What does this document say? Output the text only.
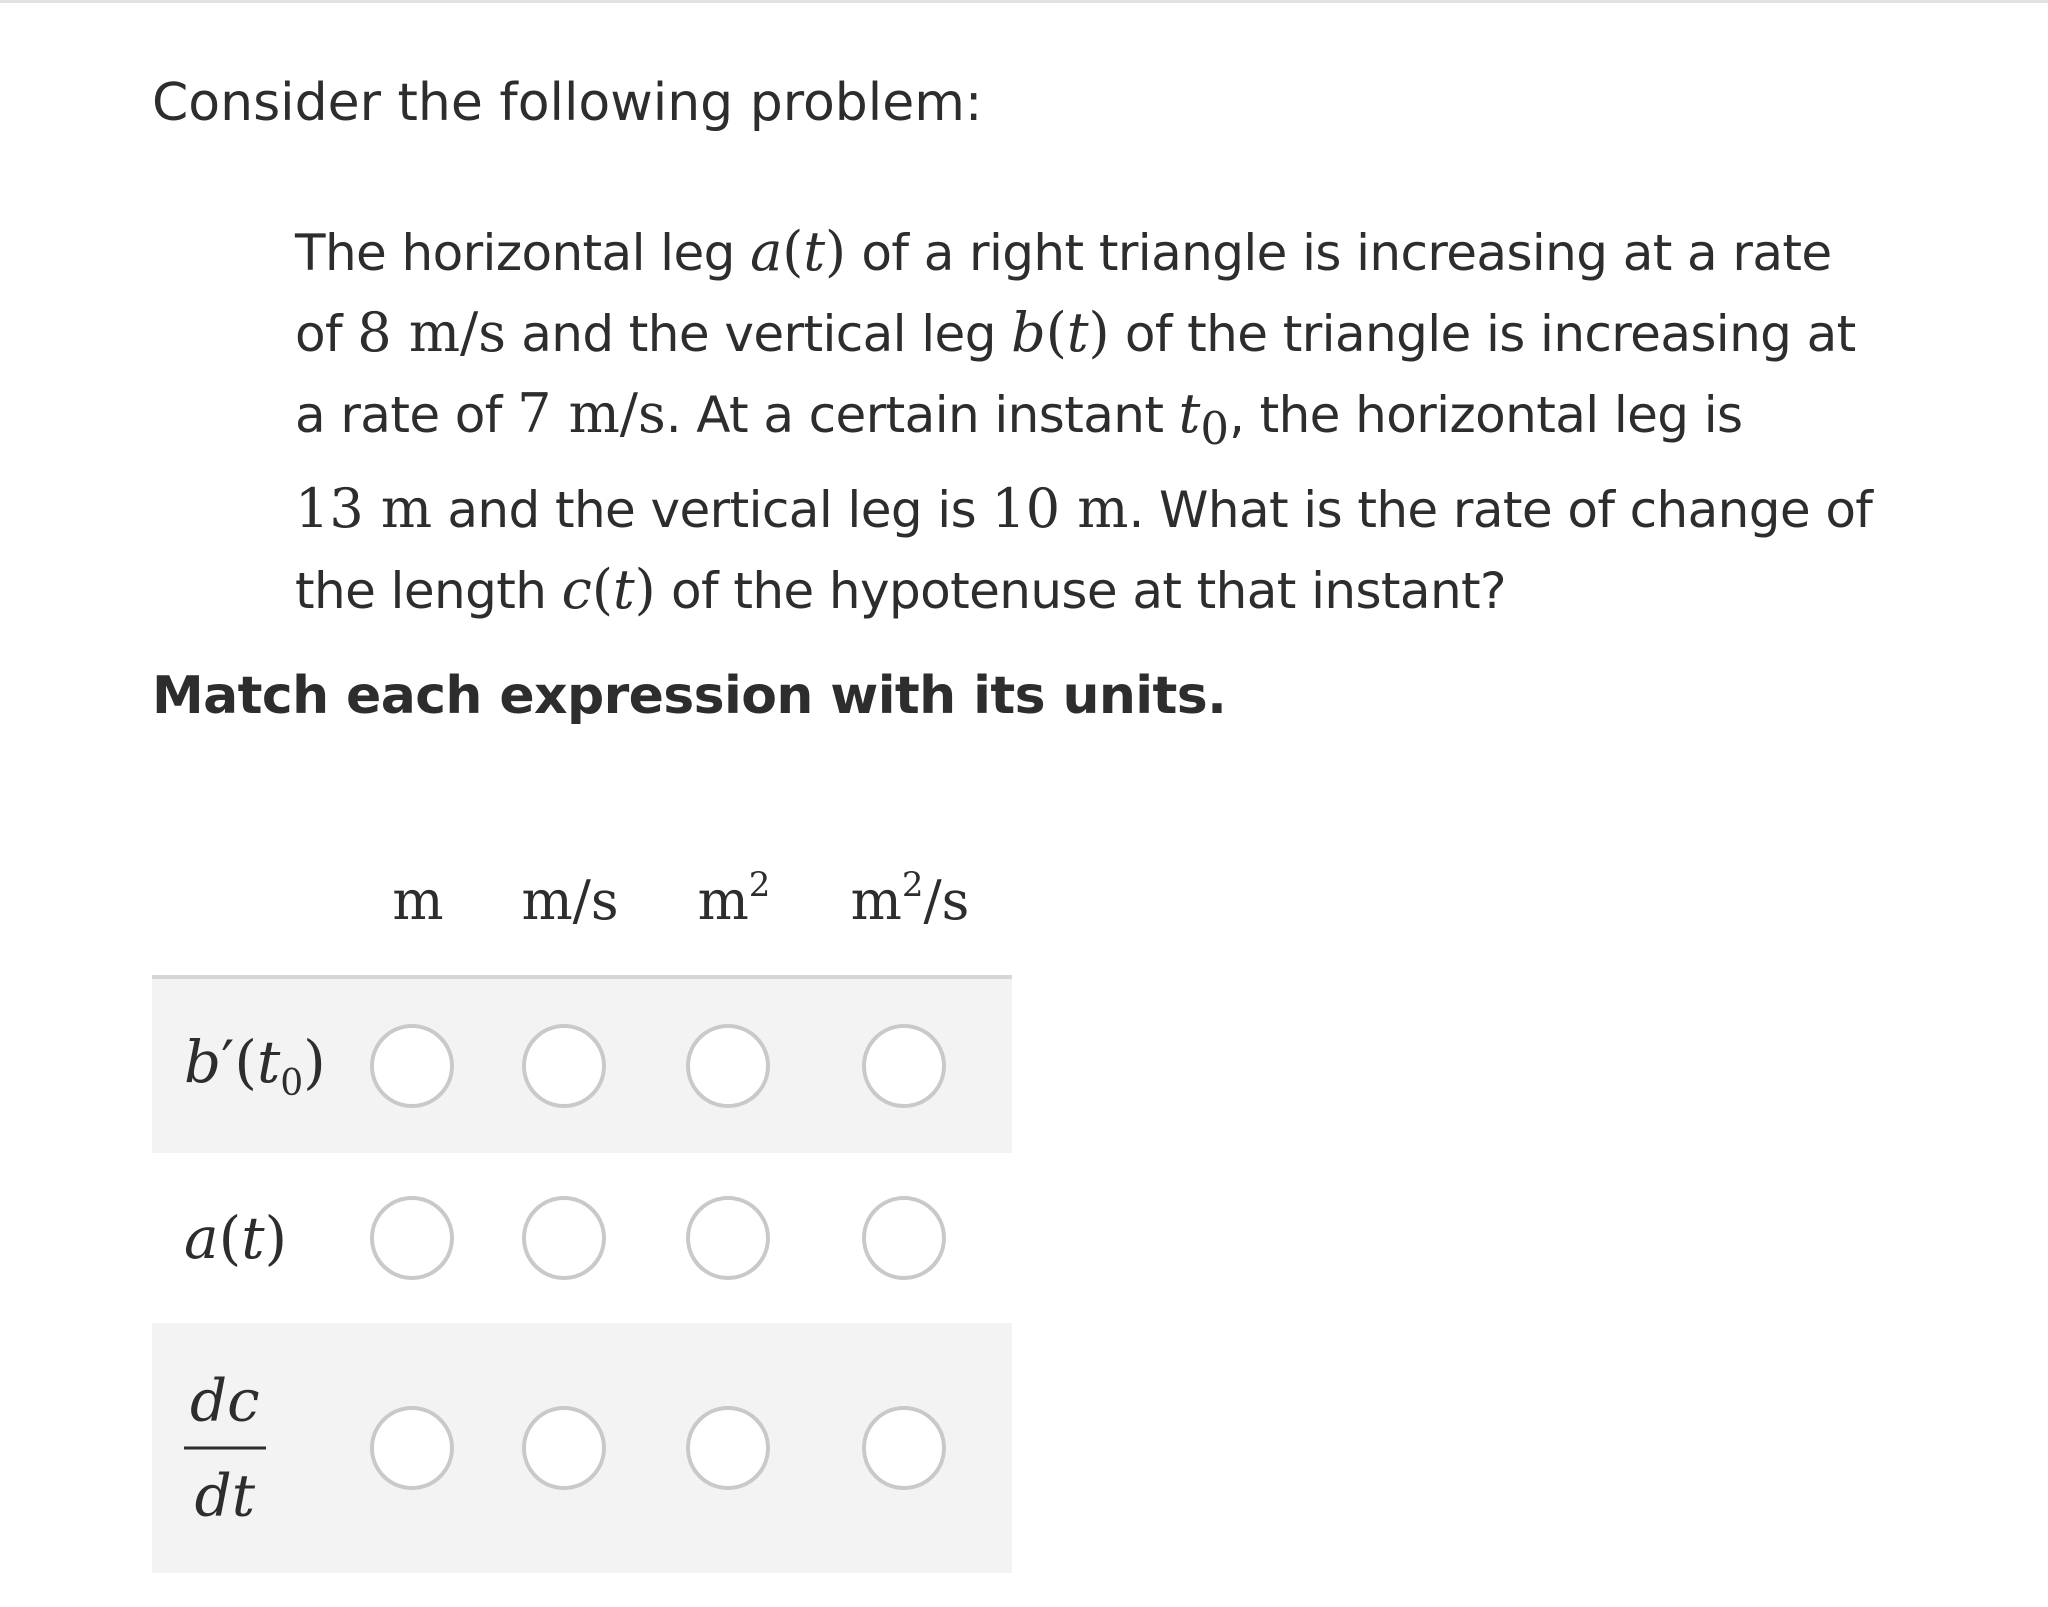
Consider the following problem:

The horizontal leg a(t) of a right triangle is increasing at a rate
of 8 m/s and the vertical leg b(t) of the triangle is increasing at
a rate of 7 m/s. At a certain instant $t_0$, the horizontal leg is
13 m and the vertical leg is 10 m. What is the rate of change of
the length c(t) of the hypotenuse at that instant?

Match each expression with its units.

m m/s $m^2$ $m^2/s$
$b'(t_0)$
a(t)
$\frac{dc}{dt}$
